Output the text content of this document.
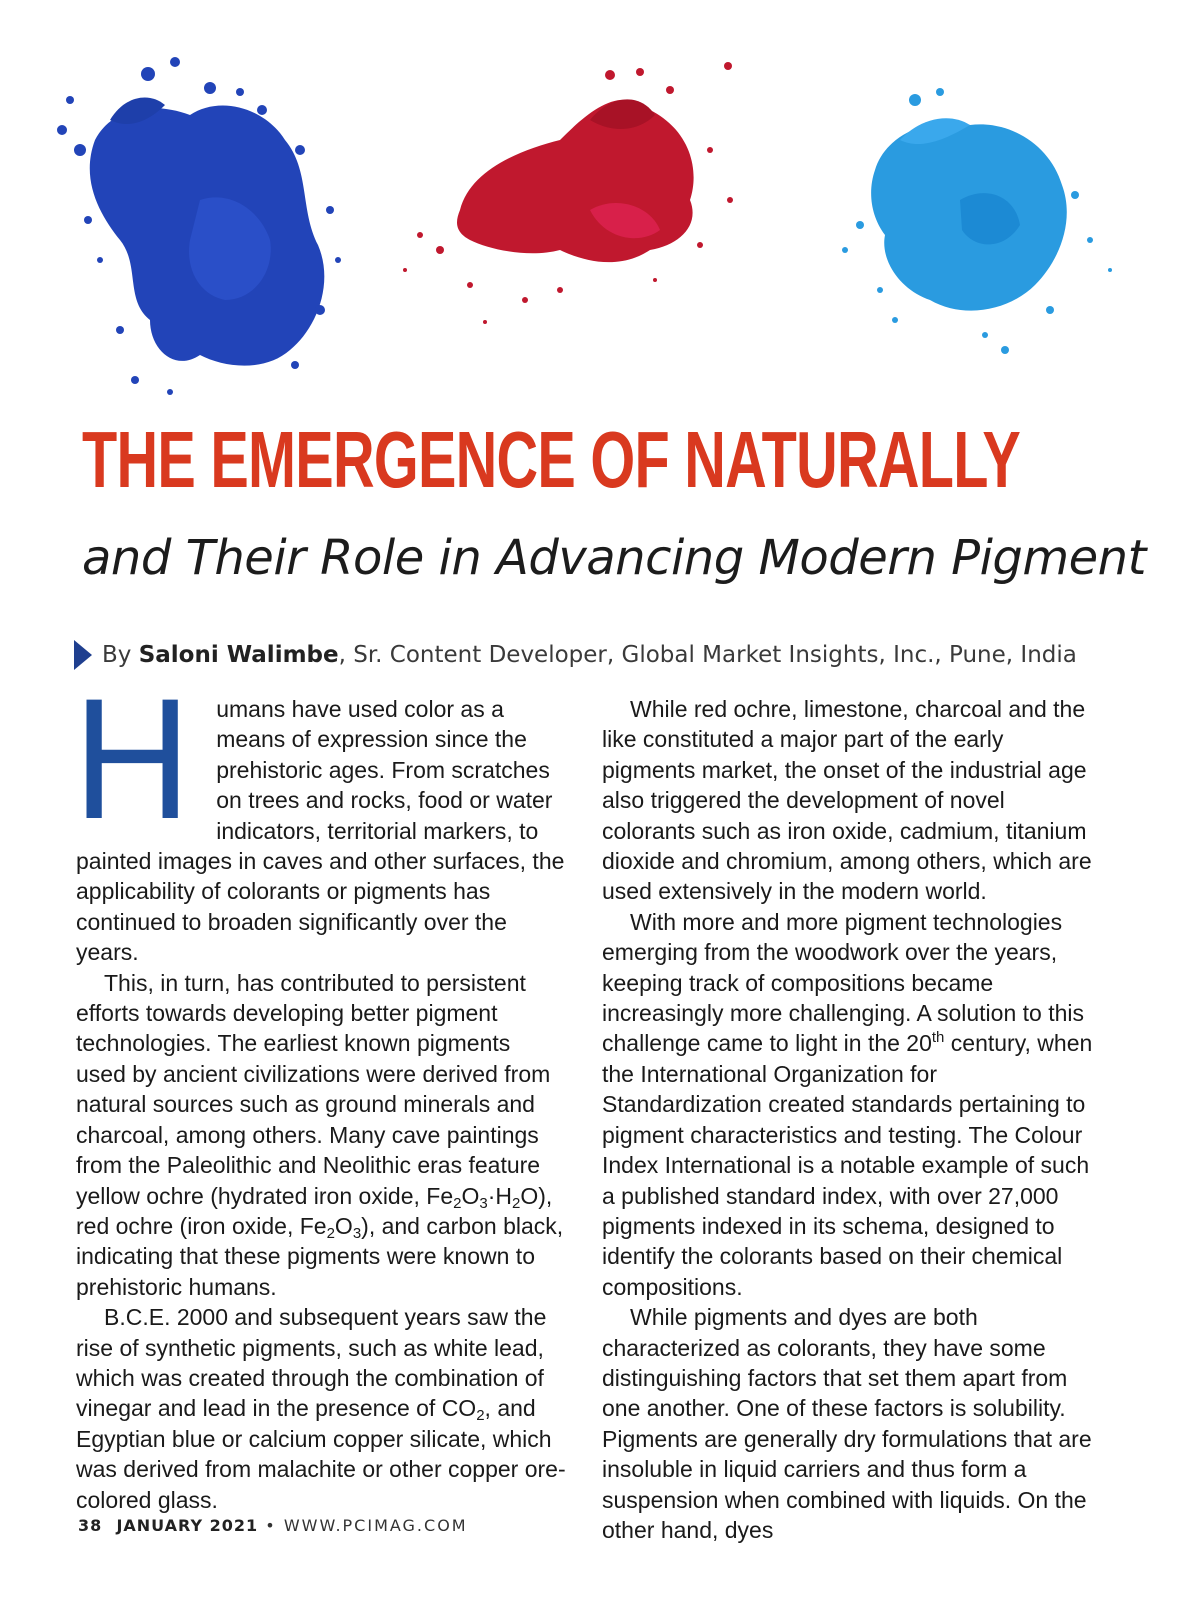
THE EMERGENCE OF NATURALLY
and Their Role in Advancing Modern Pigment
By
Saloni Walimbe , Sr. Content Developer, Global Market Insights, Inc., Pune, India

H umans have used color as a means of expression since the prehistoric ages. From scratches on trees and rocks, food or water indicators, territorial markers, to painted images in caves and other surfaces, the applicability of colorants or pigments has continued to broaden significantly over the years.

This, in turn, has contributed to persistent efforts towards developing better pigment technologies. The earliest known pigments used by ancient civilizations were derived from natural sources such as ground minerals and charcoal, among others. Many cave paintings from the Paleolithic and Neolithic eras feature yellow ochre (hydrated iron oxide, $Fe_2O_3\cdot H_2O$), red ochre (iron oxide, $Fe_2O_3$), and carbon black, indicating that these pigments were known to prehistoric humans.

B.C.E. 2000 and subsequent years saw the rise of synthetic pigments, such as white lead, which was created through the combination of vinegar and lead in the presence of $CO_2$, and Egyptian blue or calcium copper silicate, which was derived from malachite or other copper ore-colored glass.

While red ochre, limestone, charcoal and the like constituted a major part of the early pigments market, the onset of the industrial age also triggered the development of novel colorants such as iron oxide, cadmium, titanium dioxide and chromium, among others, which are used extensively in the modern world.

With more and more pigment technologies emerging from the woodwork over the years, keeping track of compositions became increasingly more challenging. A solution to this challenge came to light in the 20th century, when the International Organization for Standardization created standards pertaining to pigment characteristics and testing. The Colour Index International is a notable example of such a published standard index, with over 27,000 pigments indexed in its schema, designed to identify the colorants based on their chemical compositions.

While pigments and dyes are both characterized as colorants, they have some distinguishing factors that set them apart from one another. One of these factors is solubility. Pigments are generally dry formulations that are insoluble in liquid carriers and thus form a suspension when combined with liquids. On the other hand, dyes

38 JANUARY 2021 • WWW.PCIMAG.COM
